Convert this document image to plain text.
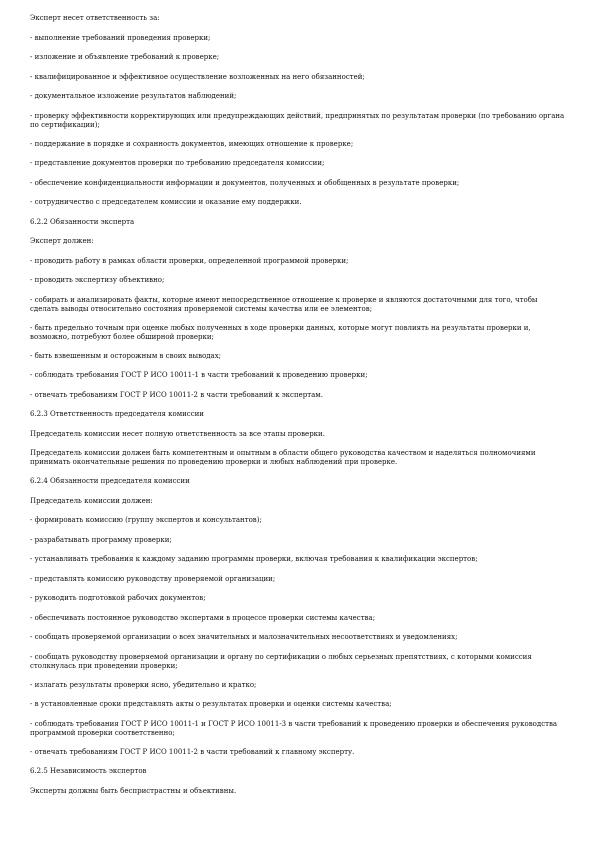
Эксперт несет ответственность за:

- выполнение требований проведения проверки;

- изложение и объявление требований к проверке;

- квалифицированное и эффективное осуществление возложенных на него обязанностей;

- документальное изложение результатов наблюдений;

- проверку эффективности корректирующих или предупреждающих действий, предпринятых по результатам проверки (по требованию органа по сертификации);

- поддержание в порядке и сохранность документов, имеющих отношение к проверке;

- представление документов проверки по требованию председателя комиссии;

- обеспечение конфиденциальности информации и документов, полученных и обобщенных в результате проверки;

- сотрудничество с председателем комиссии и оказание ему поддержки.

6.2.2 Обязанности эксперта

Эксперт должен:

- проводить работу в рамках области проверки, определенной программой проверки;

- проводить экспертизу объективно;

- собирать и анализировать факты, которые имеют непосредственное отношение к проверке и являются достаточными для того, чтобы сделать выводы относительно состояния проверяемой системы качества или ее элементов;

- быть предельно точным при оценке любых полученных в ходе проверки данных, которые могут повлиять на результаты проверки и, возможно, потребуют более обширной проверки;

- быть взвешенным и осторожным в своих выводах;

- соблюдать требования ГОСТ Р ИСО 10011-1 в части требований к проведению проверки;

- отвечать требованиям ГОСТ Р ИСО 10011-2 в части требований к экспертам.

6.2.3 Ответственность председателя комиссии

Председатель комиссии несет полную ответственность за все этапы проверки.

Председатель комиссии должен быть компетентным и опытным в области общего руководства качеством и наделяться полномочиями принимать окончательные решения по проведению проверки и любых наблюдений при проверке.

6.2.4 Обязанности председателя комиссии

Председатель комиссии должен:

- формировать комиссию (группу экспертов и консультантов);

- разрабатывать программу проверки;

- устанавливать требования к каждому заданию программы проверки, включая требования к квалификации экспертов;

- представлять комиссию руководству проверяемой организации;

- руководить подготовкой рабочих документов;

- обеспечивать постоянное руководство экспертами в процессе проверки системы качества;

- сообщать проверяемой организации о всех значительных и малозначительных несоответствиях и уведомлениях;

- сообщать руководству проверяемой организации и органу по сертификации о любых серьезных препятствиях, с которыми комиссия столкнулась при проведении проверки;

- излагать результаты проверки ясно, убедительно и кратко;

- в установленные сроки представлять акты о результатах проверки и оценки системы качества;

- соблюдать требования ГОСТ Р ИСО 10011-1 и ГОСТ Р ИСО 10011-3 в части требований к проведению проверки и обеспечения руководства программой проверки соответственно;

- отвечать требованиям ГОСТ Р ИСО 10011-2 в части требований к главному эксперту.

6.2.5 Независимость экспертов

Эксперты должны быть беспристрастны и объективны.
